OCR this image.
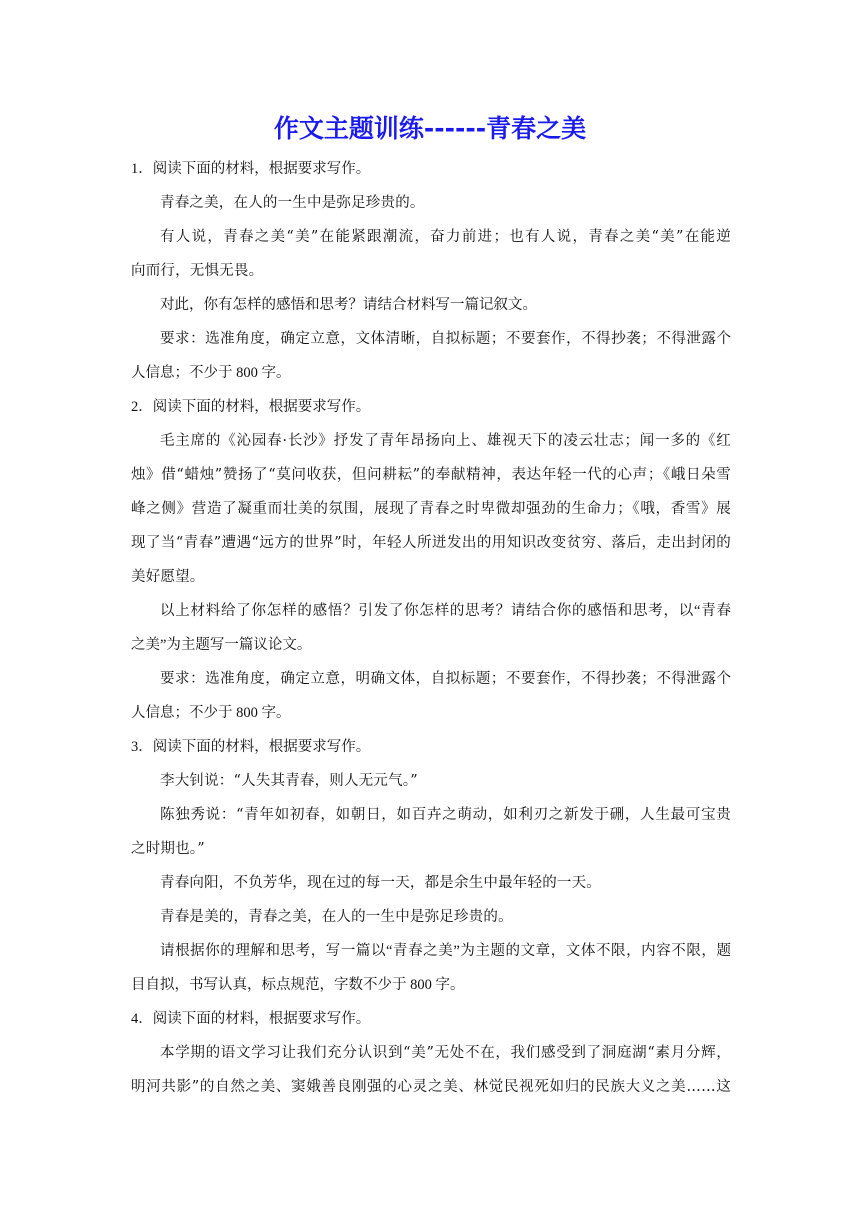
作文主题训练------青春之美

1．阅读下面的材料，根据要求写作。

青春之美，在人的一生中是弥足珍贵的。

有人说，青春之美“美”在能紧跟潮流，奋力前进；也有人说，青春之美“美”在能逆

向而行，无惧无畏。

对此，你有怎样的感悟和思考？请结合材料写一篇记叙文。

要求：选准角度，确定立意，文体清晰，自拟标题；不要套作，不得抄袭；不得泄露个

人信息；不少于 800 字。

2．阅读下面的材料，根据要求写作。

毛主席的《沁园春·长沙》抒发了青年昂扬向上、雄视天下的凌云壮志；闻一多的《红

烛》借“蜡烛”赞扬了“莫问收获，但问耕耘”的奉献精神，表达年轻一代的心声；《峨日朵雪

峰之侧》营造了凝重而壮美的氛围，展现了青春之时卑微却强劲的生命力；《哦，香雪》展

现了当“青春”遭遇“远方的世界”时，年轻人所迸发出的用知识改变贫穷、落后，走出封闭的

美好愿望。

以上材料给了你怎样的感悟？引发了你怎样的思考？请结合你的感悟和思考，以“青春

之美”为主题写一篇议论文。

要求：选准角度，确定立意，明确文体，自拟标题；不要套作，不得抄袭；不得泄露个

人信息；不少于 800 字。

3．阅读下面的材料，根据要求写作。

李大钊说：“人失其青春，则人无元气。”

陈独秀说：“青年如初春，如朝日，如百卉之萌动，如利刃之新发于硎，人生最可宝贵

之时期也。”

青春向阳，不负芳华，现在过的每一天，都是余生中最年轻的一天。

青春是美的，青春之美，在人的一生中是弥足珍贵的。

请根据你的理解和思考，写一篇以“青春之美”为主题的文章，文体不限，内容不限，题

目自拟，书写认真，标点规范，字数不少于 800 字。

4．阅读下面的材料，根据要求写作。

本学期的语文学习让我们充分认识到“美”无处不在，我们感受到了洞庭湖“素月分辉，

明河共影”的自然之美、窦娥善良刚强的心灵之美、林觉民视死如归的民族大义之美……这
